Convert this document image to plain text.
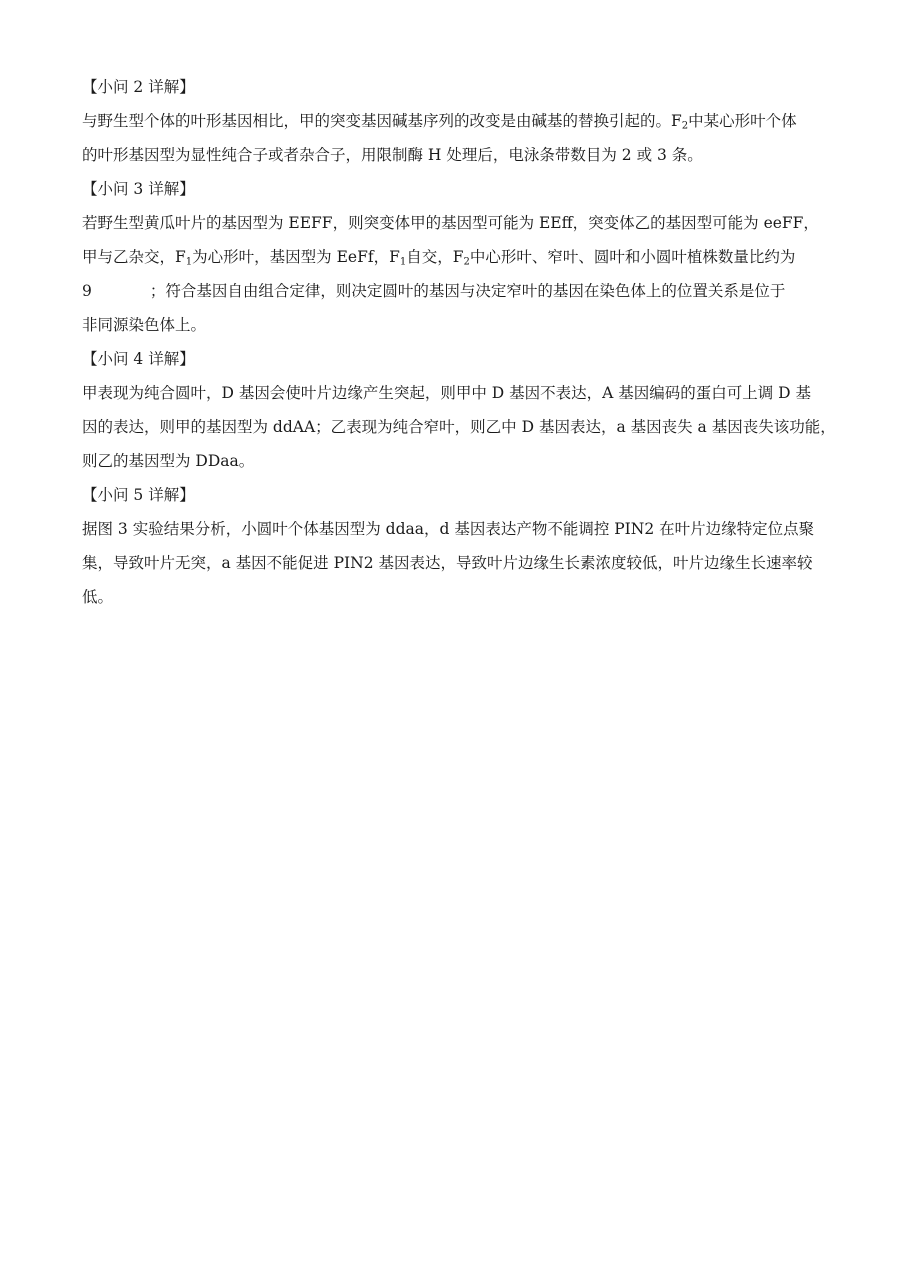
【小问 2 详解】

与野生型个体的叶形基因相比，甲的突变基因碱基序列的改变是由碱基的替换引起的。$F_2$中某心形叶个体
的叶形基因型为显性纯合子或者杂合子，用限制酶 H 处理后，电泳条带数目为 2 或 3 条。

【小问 3 详解】

若野生型黄瓜叶片的基因型为 EEFF，则突变体甲的基因型可能为 EEff，突变体乙的基因型可能为 eeFF，
甲与乙杂交，$F_1$为心形叶，基因型为 EeFf，$F_1$自交，$F_2$中心形叶、窄叶、圆叶和小圆叶植株数量比约为
9	；符合基因自由组合定律，则决定圆叶的基因与决定窄叶的基因在染色体上的位置关系是位于
非同源染色体上。

【小问 4 详解】

甲表现为纯合圆叶，D 基因会使叶片边缘产生突起，则甲中 D 基因不表达，A 基因编码的蛋白可上调 D 基
因的表达，则甲的基因型为 ddAA；乙表现为纯合窄叶，则乙中 D 基因表达，a 基因丧失 a 基因丧失该功能，
则乙的基因型为 DDaa。

【小问 5 详解】

据图 3 实验结果分析，小圆叶个体基因型为 ddaa，d 基因表达产物不能调控 PIN2 在叶片边缘特定位点聚
集，导致叶片无突，a 基因不能促进 PIN2 基因表达，导致叶片边缘生长素浓度较低，叶片边缘生长速率较
低。
